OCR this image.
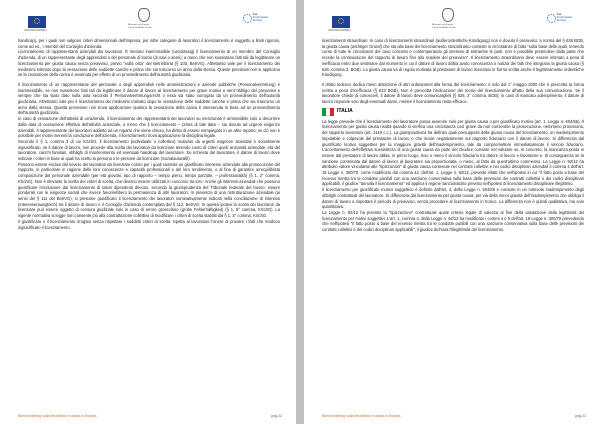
UNIONE EUROPEA
Ministero del Lavoro
e delle Politiche Sociali
fse
Fondo Sociale Europeo

handicap), per i quali non valgono criteri dimensionali dell'impresa, per altre categorie di lavoratori il licenziamento è soggetto a limiti rigorosi, come ad es., i membri del Consiglio d'azienda.

Licenziamento di rappresentanti aziendali dei lavoratori. È ritenuto inammissibile (unzulässig) il licenziamento di un membro del Consiglio d'azienda, di un rappresentante degli apprendisti o del personale di bordo (di navi o aerei), a meno che non sussistano fatti tali da legittimare un licenziamento per giusta causa senza preavviso, previo "nulla osta" del Betriebsrat (§ 103, BetrVG). Altrettanto vale per il licenziamento dei medesimi intimato dopo la cessazione delle suddette cariche e prima che sia trascorso un anno dalla stessa. Queste previsioni non si applicano se la cessazione della carica è avvenuta per effetto di un provvedimento dell'autorità giudiziaria.

Il licenziamento di un rappresentante del personale o degli apprendisti nelle amministrazioni e aziende pubbliche (Personalvertretung) è inammissibile, se non sussistono fatti tali da legittimare il datore di lavoro al licenziamento per grave motivo e senz'obbligo del preavviso e sempre che sia stato dato nulla osta secondo il Personalvertretungsrecht o essa sia stato surrogato da un provvedimento dell'autorità giudiziaria. Altrettanto vale per il licenziamento dei medesimi intimato dopo la cessazione delle suddette cariche e prima che sia trascorso un anno dalla stessa. Questa previsione non trova applicazione qualora la cessazione della carica è intervenuta in base ad un provvedimento dell'autorità giudiziaria.

In caso di cessazione dell'attività di un'azienda, il licenziamento dei rappresentanti dei lavoratori su menzionati è ammissibile solo a decorrere dalla data di cessazione effettiva dell'attività aziendale, a meno che il licenziamento – prima di tale data – sia dovuto ad urgenti esigenze aziendali. Il rappresentante del lavoratori addetto ad un reparto che viene chiuso, ha diritto di essere reimpiegato in un altro reparto; se ciò non è possibile per motivi inerenti la conduzione dell'azienda, il licenziamento trova applicazione la disciplina legale.

Secondo il § 1, comma 3 di cui KSchG, il licenziamento (individuale o collettivo) motivato da urgenti esigenze aziendali è socialmente ingiustificato, se il datore di lavoro, non procede alla scelta dei lavoratori da licenziare tenendo conto di criteri quali: anzianità aziendale, età del lavoratore, carichi familiari, obblighi di mantenimento ed eventuali handicap del lavoratore. Su richiesta del lavoratore, il datore di lavoro deve indicare i criteri in base ai quali ha scelto la persona o le persone da licenziare (Sozialauswahl).

Possono essere esclusi dal novero dei lavoratori da licenziare coloro per i quali sussista un giustificato interesse aziendale alla prosecuzione del rapporto, in particolare in ragione delle loro conoscenze e capacità professionali e del loro rendimento, o al fine di garantire un'equilibrata composizione del personale aziendale (per età giovani, tipo di rapporto – tempo pieno, tempo parziale, – professionalità) (§ 1, 3° comma, KSchG). Non è rilevante la scelta dei criteri di scelta, che devono essere utilizzati in concorso tra loro. Anche gli interessi aziendali che possono giustificare l'esclusione dal licenziamento di taluni dipendenti devono, secondo la giurisprudenza del Tribunale federale del lavoro, essere ponderati con le esigenze sociali che invece favorirebbero la permanenza di altri lavoratori. In presenza di una ristrutturazione aziendale (ai sensi del § 111 del BetrVG), si presume giustificato il licenziamento dei lavoratori nominativamente indicati nella conciliazione di interessi (Interessenausgleich) tra il datore di lavoro e il Consiglio d'azienda contemplata dal § 112, BetrVG. In questa ipotesi la scelta dei lavoratori da licenziare può essere oggetto di censura giudiziale solo in caso di errore grossolano (grobe Fehlerhaftigkeit) (§ 1, 5° comma, KSchG). La vigente normativa si legge non consente più alla contrattazione collettiva di modificare i criteri di scelta stabiliti dal § 1, 3° comma, KSchG.

Il giustificato o il licenziamento irrogato senza rispettare i suddetti criteri di scelta. Spetta al lavoratore l'onere di provare i fatti che rendono ingiustificato il licenziamento.

Benchmarking sulla flessibilità in uscita in Europa	pag.22
UNIONE EUROPEA
Ministero del Lavoro
e delle Politiche Sociali
fse
Fondo Sociale Europeo

licenziamenti straordinari. In caso di licenziamenti straordinari (außerordentliche Kündigung) non è dovuto il preavviso: a norma del § 626 BGB, la giusta causa (wichtiger Grund) che sta alla base del licenziamento straordinario consiste in circostanze di fatto "sulla base delle quali, tenendo conto di tutte le circostanze del caso concreto e contemperando gli interessi di entrambe le parti, non è possibile pretendere dalla parte che recede la continuazione del rapporto di lavoro fino allo scadere del preavviso". Il licenziamento straordinario deve essere intimato a pena di inefficacia entro due settimane dal momento in cui il datore di lavoro abbia avuto conoscenza o notizia dei fatti che integrano la giusta causa (§ 626, comma 2, BGB). La giusta causa va di regola motivata al prestatore di lavoro licenziato in forma scritta anche il legittimamente ordentliche Kündigung.

Il diritto tedesco dedica meno attenzione di altri ordinamenti alla forma del licenziamento: è solo dal 1° maggio 2000 che è prescritta la forma scritta a pena d'inefficacia (§ 623 BGB). Non è prescritta l'indicazione dei motivi del licenziamento all'atto della sua comunicazione. Se il lavoratore chiede di conoscerli, il datore di lavoro deve comunicarglieli (§ 626, 2° comma, BGB); in caso di mancato adempimento, il datore di lavoro risponde solo degli eventuali danni, mentre il licenziamento resta efficace.

ITALIA

La legge prevede che il licenziamento del lavoratore possa avvenire solo per giusta causa o per giustificato motivo (art. 1, Legge n. 604/66). Il licenziamento per giusta causa risulta quando si verifica una circostanza così grave da non consentire la prosecuzione, nemmeno provvisoria, del rapporto lavorativo (art. 2119 c.c.). La giurisprudenza ha definito quali presupposti della giusta causa del licenziamento, un inadempimento imputabile e colpevole del prestatore di lavoro e che incide negativamente sul rapporto fiduciario con il datore di lavoro. Si differenzia dal giustificato motivo soggettivo per la maggiore gravità dell'inadempimento, tale da compromettere immediatamente il vincolo fiduciario. L'accertamento dell'effettiva sussistenza di una giusta causa da parte del Giudice consiste nel valutare se, in concreto, la mancanza posta in essere dal prestatore di lavoro abbia, in primo luogo, leso o meno il vincolo fiduciario tra datore di lavoro e lavoratore e, di conseguenza se la sanzione comminata dal datore di lavoro al lavoratore sia proporzionata, o meno, al fatto da quest'ultimo commesso. La Legge n. 92/12 ha attribuito valore vincolante alle "tipizzazioni" di giusta causa contenute nei contratti collettivi e nei codici disciplinari aziendali il comma 4 dell'art. 18 Legge n. 300/70, come modificato dal comma 42, dell'art. 1, Legge n. 92/12, prevede infatti che nell'ipotesi in cui "il fatto posto a base del recesso rientra tra le condotte punibili con una sanzione conservativa sulla base delle previsioni dei contratti collettivi o dei codici disciplinari applicabili, il giudice "annulla il licenziamento" ed applica il regime sanzionatorio previsto nell'ipotesi di licenziamento disciplinare illegittimo.

Il licenziamento per giustificato motivo soggettivo è definito dall'art. 3, della Legge n. 604/66 e consiste in un notevole inadempimento degli obblighi contrattuali del lavoratore. Si differenzia dal licenziamento per giusta causa, per via della minor gravità dell'inadempimento che obbliga il datore di lavoro a rispettare il periodo di preavviso, senza procedere al licenziamento in tronco. La differenza non è quindi qualitativa, ma solo quantitativa.

La Legge n. 92/12 ha previsto la "tipizzazione" contrattuale quale criterio legale di valenza al fine della valutazione della legittimità del licenziamento per motivi soggettivi. L'art. 1, comma 4, della Legge n. 92/12 ha modificato i commi 4 e 5 dell'art. 18 Legge n. 300/70 prevedendo che nell'ipotesi "il fatto posto a base del recesso rientra tra le condotte punibili con una sanzione conservativa sulla base delle previsioni dei contratti collettivi e dei codici disciplinari applicabili", il giudice dichiara l'illegittimità del licenziamento.

Benchmarking sulla flessibilità in uscita in Europa	pag.23
